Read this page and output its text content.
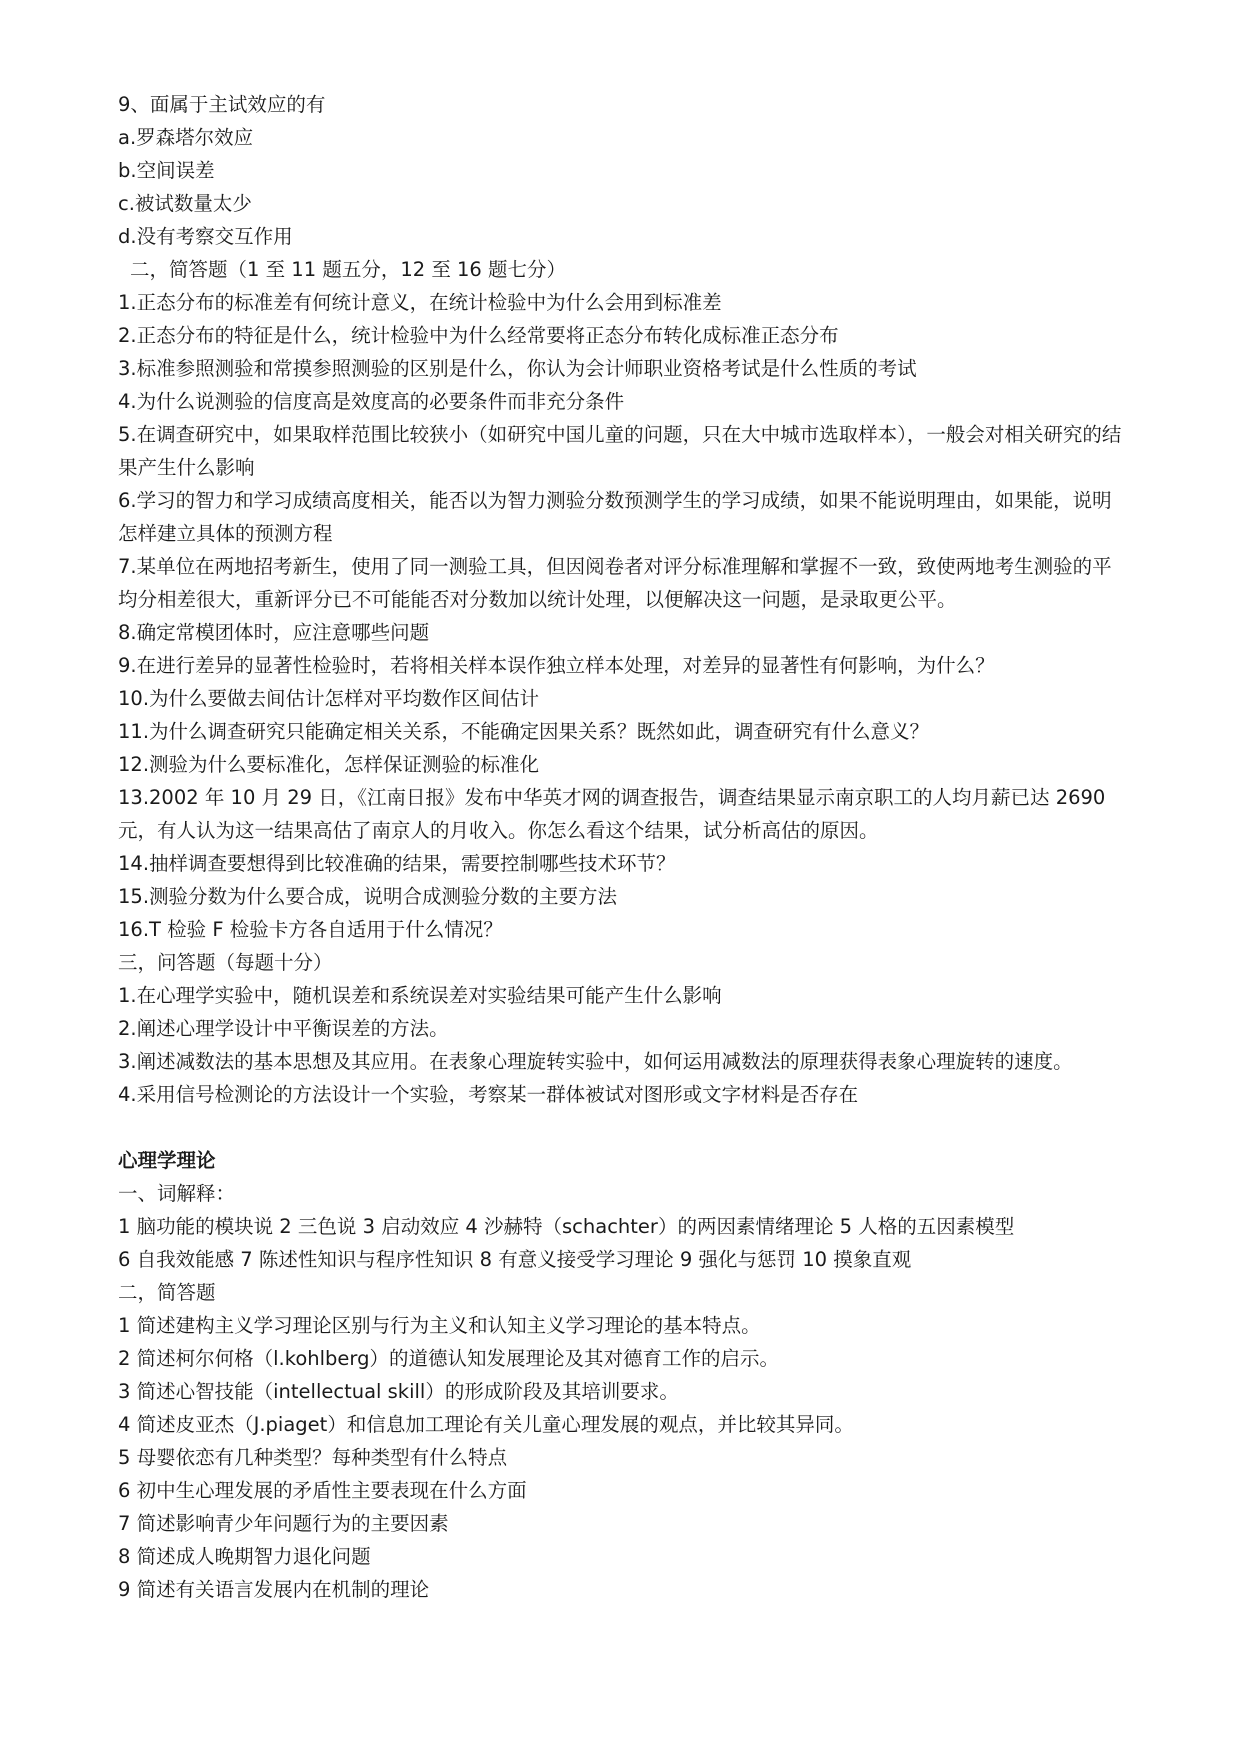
9、面属于主试效应的有

a.罗森塔尔效应

b.空间误差

c.被试数量太少

d.没有考察交互作用

二，简答题（1 至 11 题五分，12 至 16 题七分）

1.正态分布的标准差有何统计意义，在统计检验中为什么会用到标准差

2.正态分布的特征是什么，统计检验中为什么经常要将正态分布转化成标准正态分布

3.标准参照测验和常摸参照测验的区别是什么，你认为会计师职业资格考试是什么性质的考试

4.为什么说测验的信度高是效度高的必要条件而非充分条件

5.在调查研究中，如果取样范围比较狭小（如研究中国儿童的问题，只在大中城市选取样本），一般会对相关研究的结果产生什么影响

6.学习的智力和学习成绩高度相关，能否以为智力测验分数预测学生的学习成绩，如果不能说明理由，如果能，说明怎样建立具体的预测方程

7.某单位在两地招考新生，使用了同一测验工具，但因阅卷者对评分标准理解和掌握不一致，致使两地考生测验的平均分相差很大，重新评分已不可能能否对分数加以统计处理，以便解决这一问题，是录取更公平。

8.确定常模团体时，应注意哪些问题

9.在进行差异的显著性检验时，若将相关样本误作独立样本处理，对差异的显著性有何影响，为什么？

10.为什么要做去间估计怎样对平均数作区间估计

11.为什么调查研究只能确定相关关系，不能确定因果关系？既然如此，调查研究有什么意义？

12.测验为什么要标准化，怎样保证测验的标准化

13.2002 年 10 月 29 日，《江南日报》发布中华英才网的调查报告，调查结果显示南京职工的人均月薪已达 2690 元，有人认为这一结果高估了南京人的月收入。你怎么看这个结果，试分析高估的原因。

14.抽样调查要想得到比较准确的结果，需要控制哪些技术环节？

15.测验分数为什么要合成，说明合成测验分数的主要方法

16.T 检验 F 检验卡方各自适用于什么情况？

三，问答题（每题十分）

1.在心理学实验中，随机误差和系统误差对实验结果可能产生什么影响

2.阐述心理学设计中平衡误差的方法。

3.阐述减数法的基本思想及其应用。在表象心理旋转实验中，如何运用减数法的原理获得表象心理旋转的速度。

4.采用信号检测论的方法设计一个实验，考察某一群体被试对图形或文字材料是否存在

心理学理论

一、词解释：

1 脑功能的模块说 2 三色说 3 启动效应 4 沙赫特（schachter）的两因素情绪理论 5 人格的五因素模型

6 自我效能感 7 陈述性知识与程序性知识 8 有意义接受学习理论 9 强化与惩罚 10 摸象直观

二，简答题

1 简述建构主义学习理论区别与行为主义和认知主义学习理论的基本特点。

2 简述柯尔何格（l.kohlberg）的道德认知发展理论及其对德育工作的启示。

3 简述心智技能（intellectual skill）的形成阶段及其培训要求。

4 简述皮亚杰（J.piaget）和信息加工理论有关儿童心理发展的观点，并比较其异同。

5 母婴依恋有几种类型？每种类型有什么特点

6 初中生心理发展的矛盾性主要表现在什么方面

7 简述影响青少年问题行为的主要因素

8 简述成人晚期智力退化问题

9 简述有关语言发展内在机制的理论
